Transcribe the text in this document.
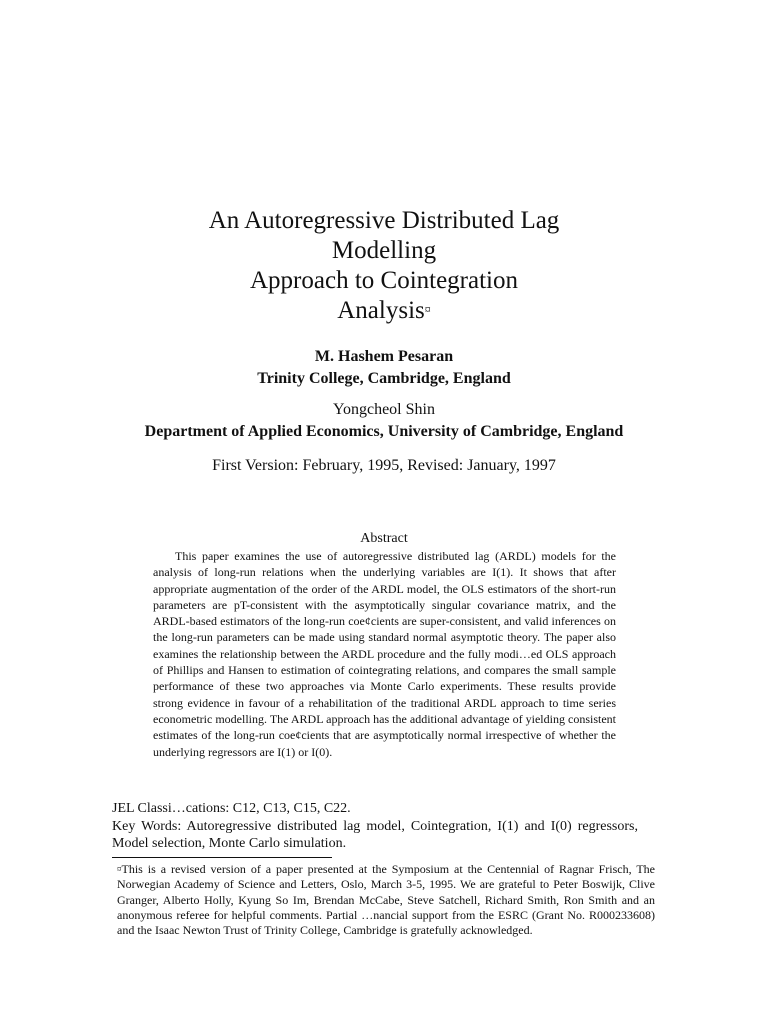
An Autoregressive Distributed Lag
Modelling
Approach to Cointegration
Analysis¤
M. Hashem Pesaran
Trinity College, Cambridge, England
Yongcheol Shin
Department of Applied Economics, University of Cambridge, England
First Version: February, 1995, Revised: January, 1997
Abstract

This paper examines the use of autoregressive distributed lag (ARDL) models for the analysis of long-run relations when the underlying variables are I(1). It shows that after appropriate augmentation of the order of the ARDL model, the OLS estimators of the short-run parameters are pT-consistent with the asymptotically singular covariance matrix, and the ARDL-based estimators of the long-run coe¢cients are super-consistent, and valid inferences on the long-run parameters can be made using standard normal asymptotic theory. The paper also examines the relationship between the ARDL procedure and the fully modi…ed OLS approach of Phillips and Hansen to estimation of cointegrating relations, and compares the small sample performance of these two approaches via Monte Carlo experiments. These results provide strong evidence in favour of a rehabilitation of the traditional ARDL approach to time series econometric modelling. The ARDL approach has the additional advantage of yielding consistent estimates of the long-run coe¢cients that are asymptotically normal irrespective of whether the underlying regressors are I(1) or I(0).

JEL Classi…cations: C12, C13, C15, C22.

Key Words: Autoregressive distributed lag model, Cointegration, I(1) and I(0) regressors, Model selection, Monte Carlo simulation.

¤This is a revised version of a paper presented at the Symposium at the Centennial of Ragnar Frisch, The Norwegian Academy of Science and Letters, Oslo, March 3-5, 1995. We are grateful to Peter Boswijk, Clive Granger, Alberto Holly, Kyung So Im, Brendan McCabe, Steve Satchell, Richard Smith, Ron Smith and an anonymous referee for helpful comments. Partial …nancial support from the ESRC (Grant No. R000233608) and the Isaac Newton Trust of Trinity College, Cambridge is gratefully acknowledged.
